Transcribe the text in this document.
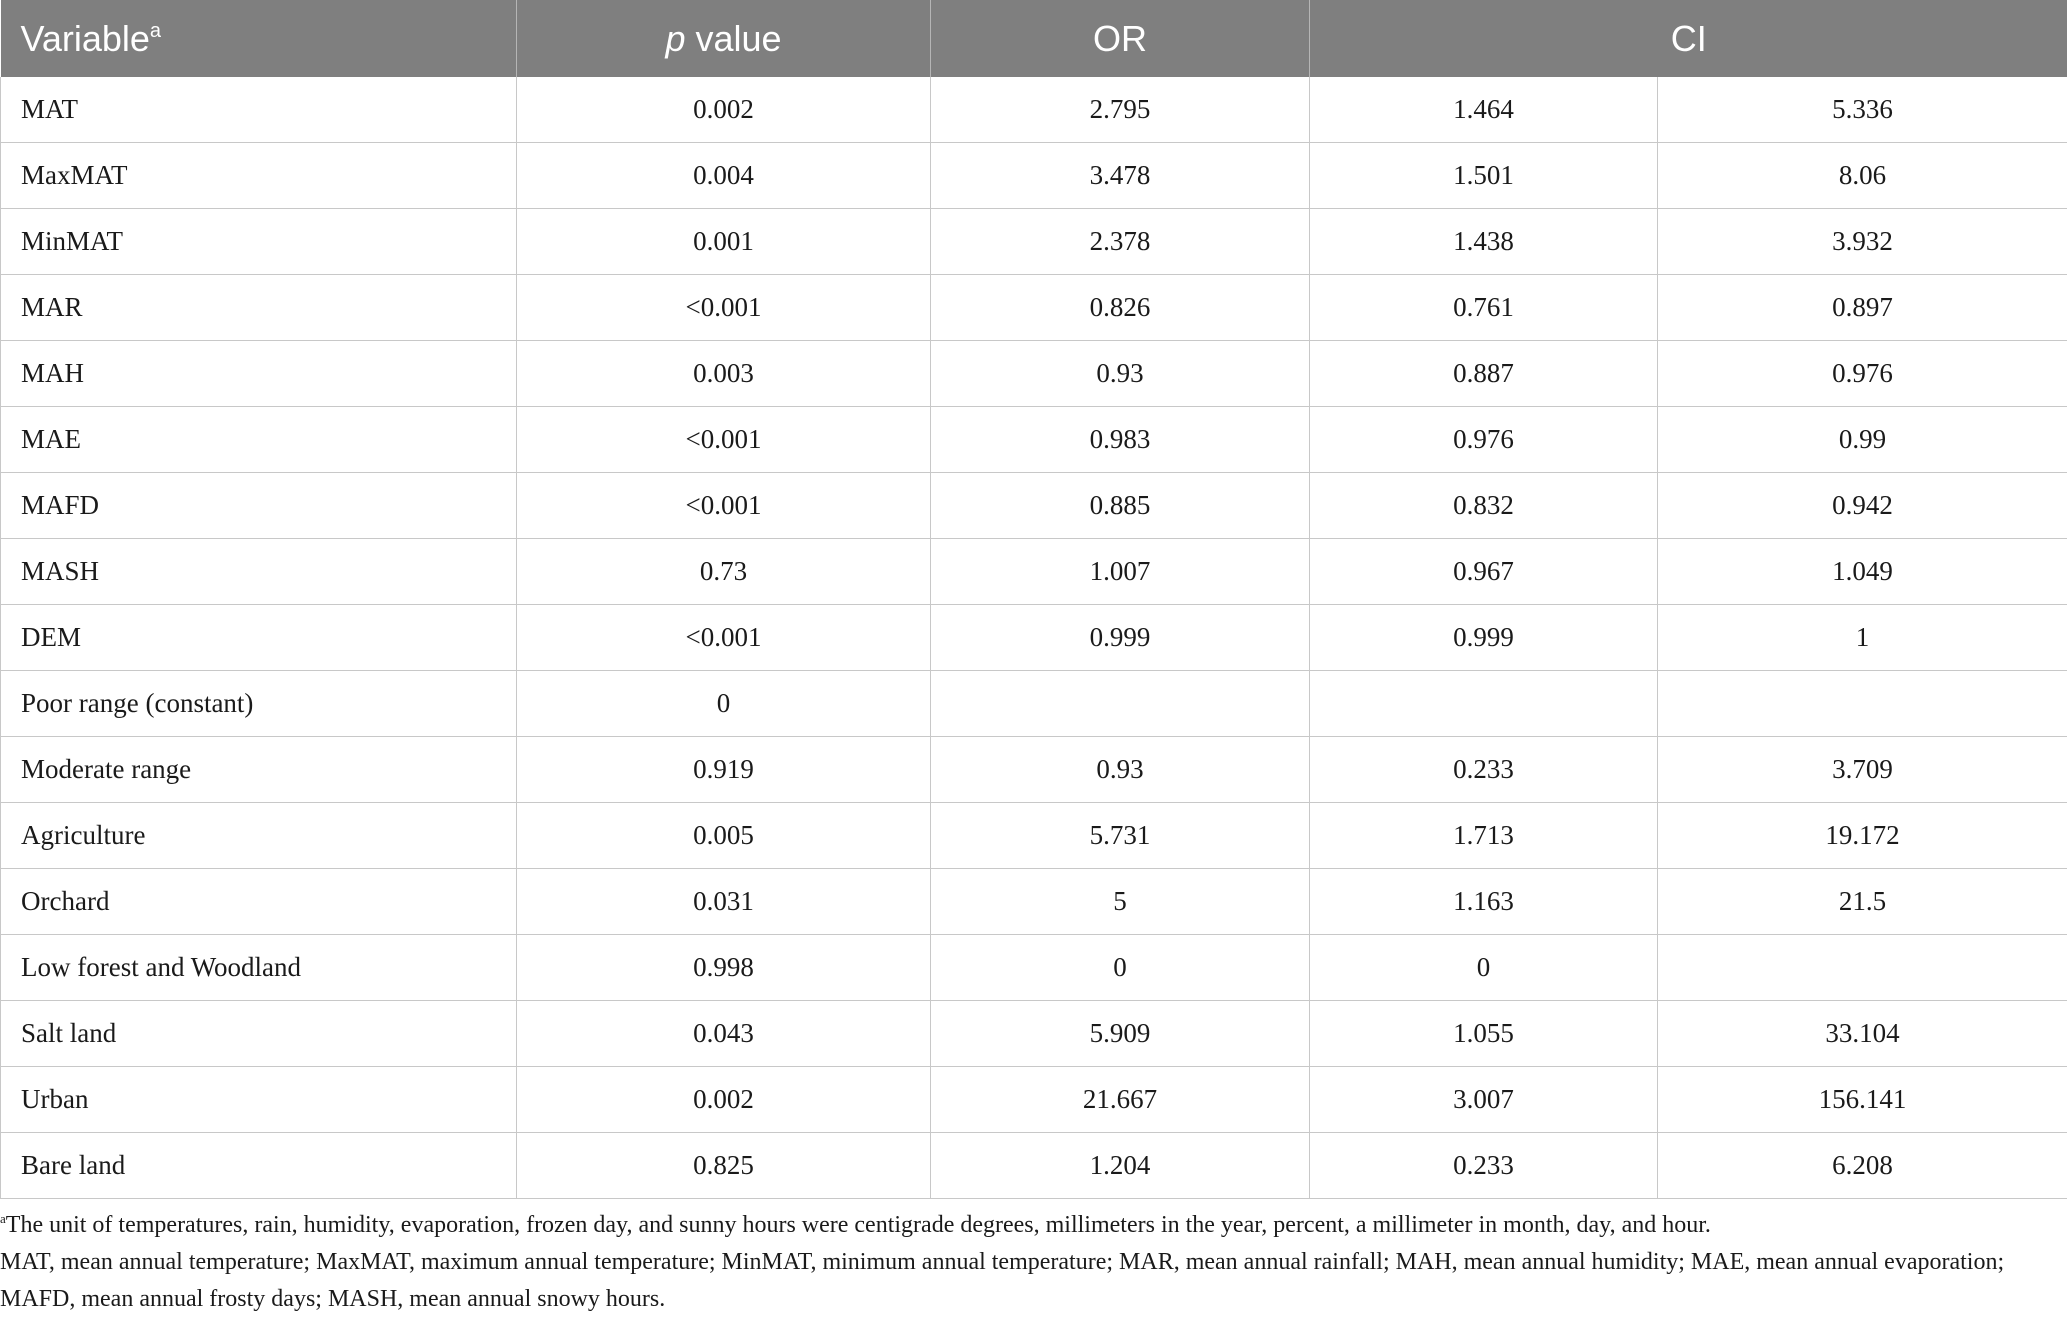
Variable$^a$	p value	OR	CI	
MAT	0.002	2.795	1.464	5.336
MaxMAT	0.004	3.478	1.501	8.06
MinMAT	0.001	2.378	1.438	3.932
MAR	<0.001	0.826	0.761	0.897
MAH	0.003	0.93	0.887	0.976
MAE	<0.001	0.983	0.976	0.99
MAFD	<0.001	0.885	0.832	0.942
MASH	0.73	1.007	0.967	1.049
DEM	<0.001	0.999	0.999	1
Poor range (constant)	0			
Moderate range	0.919	0.93	0.233	3.709
Agriculture	0.005	5.731	1.713	19.172
Orchard	0.031	5	1.163	21.5
Low forest and Woodland	0.998	0	0	
Salt land	0.043	5.909	1.055	33.104
Urban	0.002	21.667	3.007	156.141
Bare land	0.825	1.204	0.233	6.208

$^a$The unit of temperatures, rain, humidity, evaporation, frozen day, and sunny hours were centigrade degrees, millimeters in the year, percent, a millimeter in month, day, and hour.

MAT, mean annual temperature; MaxMAT, maximum annual temperature; MinMAT, minimum annual temperature; MAR, mean annual rainfall; MAH, mean annual humidity; MAE, mean annual evaporation; MAFD, mean annual frosty days; MASH, mean annual snowy hours.
